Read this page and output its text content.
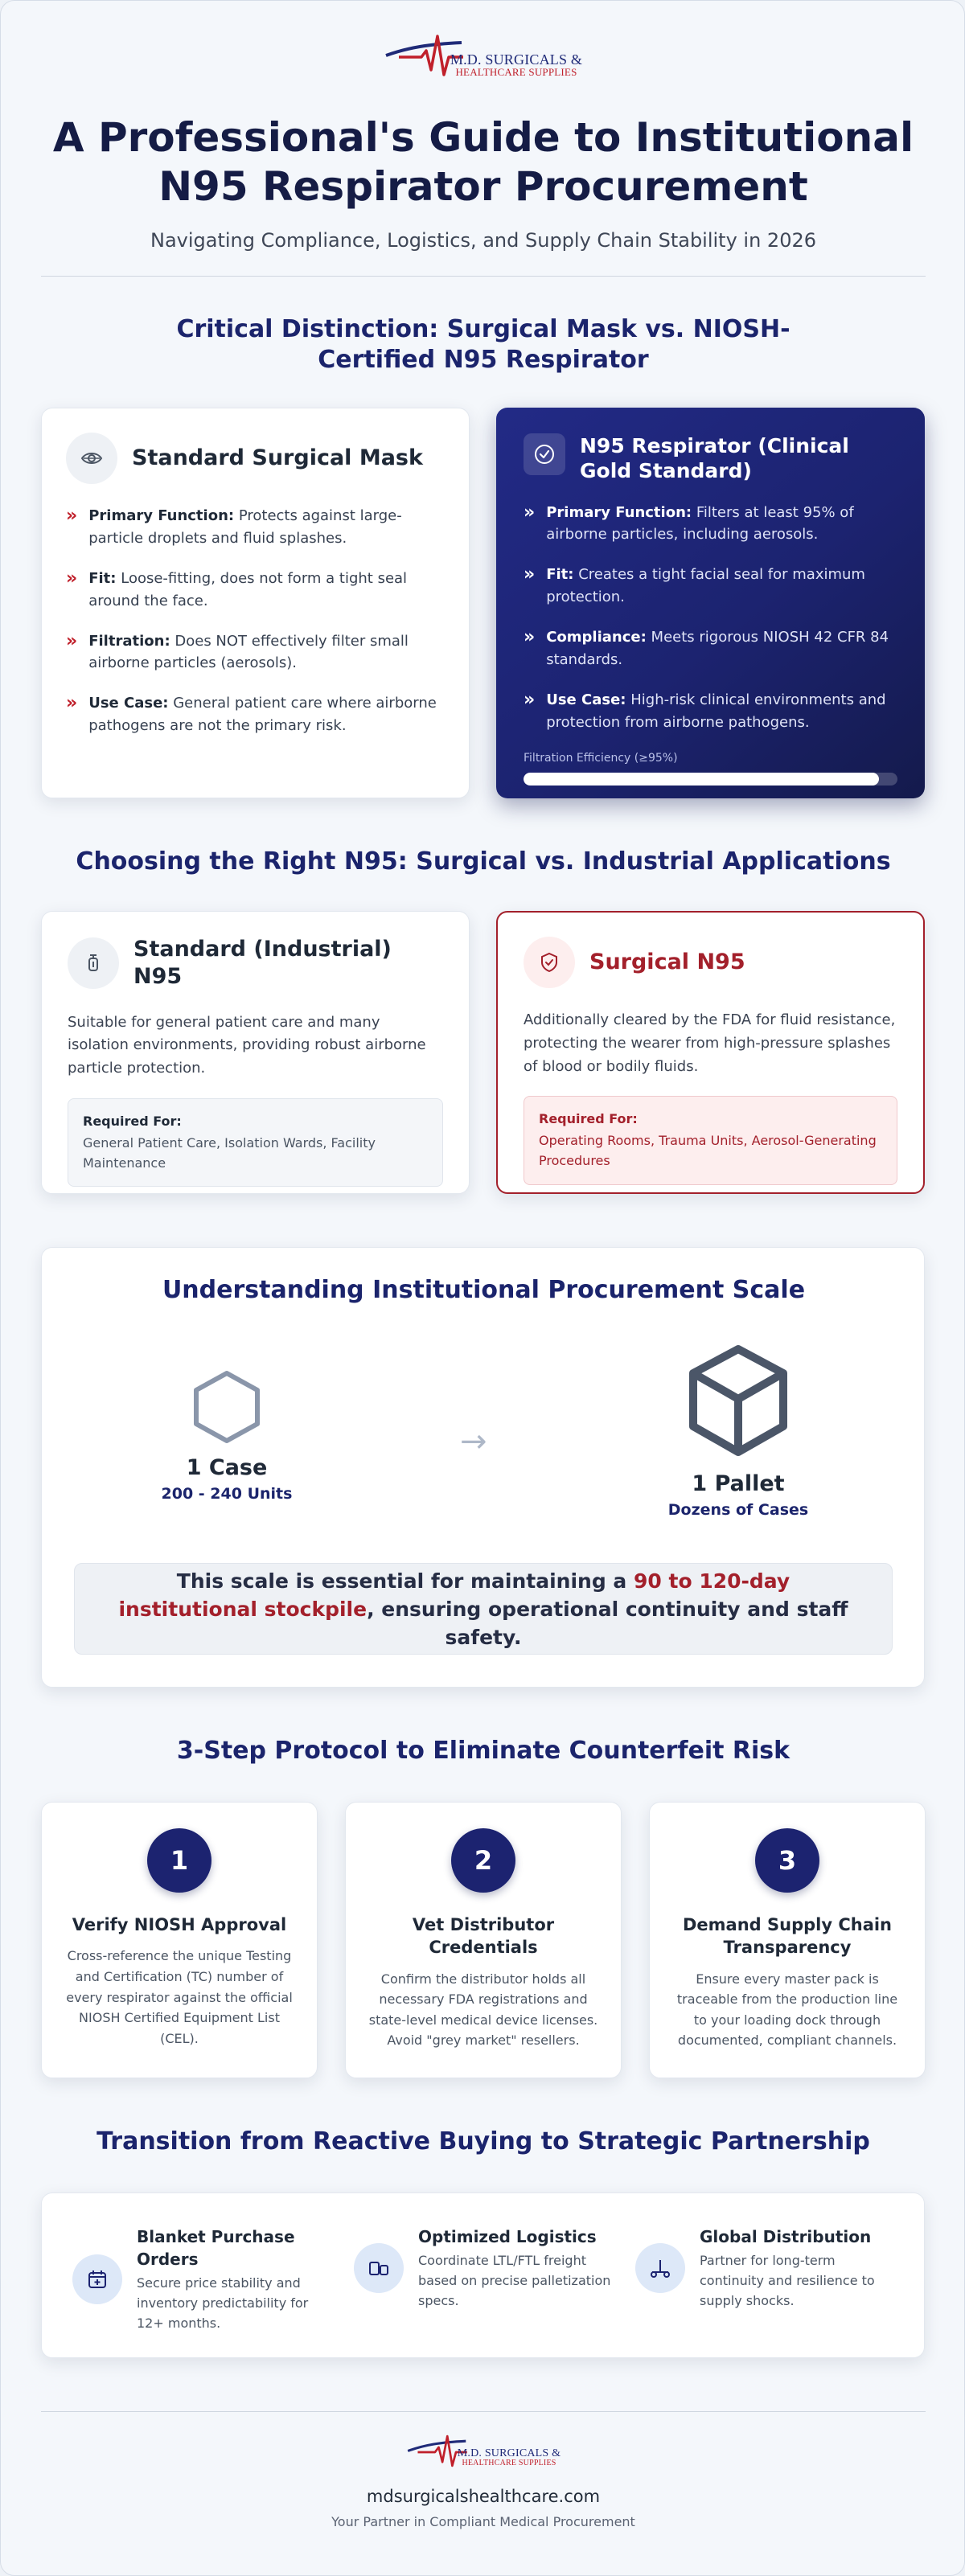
M.D. SURGICALS &
HEALTHCARE SUPPLIES
A Professional's Guide to Institutional N95 Respirator Procurement

Navigating Compliance, Logistics, and Supply Chain Stability in 2026

Critical Distinction: Surgical Mask vs. NIOSH-Certified N95 Respirator
Standard Surgical Mask
» Primary Function: Protects against large-particle droplets and fluid splashes.
» Fit: Loose-fitting, does not form a tight seal around the face.
» Filtration: Does NOT effectively filter small airborne particles (aerosols).
» Use Case: General patient care where airborne pathogens are not the primary risk.
N95 Respirator (Clinical Gold Standard)
» Primary Function: Filters at least 95% of airborne particles, including aerosols.
» Fit: Creates a tight facial seal for maximum protection.
» Compliance: Meets rigorous NIOSH 42 CFR 84 standards.
» Use Case: High-risk clinical environments and protection from airborne pathogens.
Filtration Efficiency (≥95%)
Choosing the Right N95: Surgical vs. Industrial Applications
Standard (Industrial) N95

Suitable for general patient care and many isolation environments, providing robust airborne particle protection.

Required For:
General Patient Care, Isolation Wards, Facility Maintenance
Surgical N95

Additionally cleared by the FDA for fluid resistance, protecting the wearer from high-pressure splashes of blood or bodily fluids.

Required For:
Operating Rooms, Trauma Units, Aerosol-Generating Procedures
Understanding Institutional Procurement Scale
1 Case
200 - 240 Units
→
1 Pallet
Dozens of Cases
This scale is essential for maintaining a 90 to 120-day institutional stockpile, ensuring operational continuity and staff safety.
3-Step Protocol to Eliminate Counterfeit Risk
1
Verify NIOSH Approval
Cross-reference the unique Testing and Certification (TC) number of every respirator against the official NIOSH Certified Equipment List (CEL).
2
Vet Distributor Credentials
Confirm the distributor holds all necessary FDA registrations and state-level medical device licenses. Avoid "grey market" resellers.
3
Demand Supply Chain Transparency
Ensure every master pack is traceable from the production line to your loading dock through documented, compliant channels.
Transition from Reactive Buying to Strategic Partnership
Blanket Purchase Orders
Secure price stability and inventory predictability for 12+ months.
Optimized Logistics
Coordinate LTL/FTL freight based on precise palletization specs.
Global Distribution
Partner for long-term continuity and resilience to supply shocks.
M.D. SURGICALS &
HEALTHCARE SUPPLIES
mdsurgicalshealthcare.com
Your Partner in Compliant Medical Procurement
